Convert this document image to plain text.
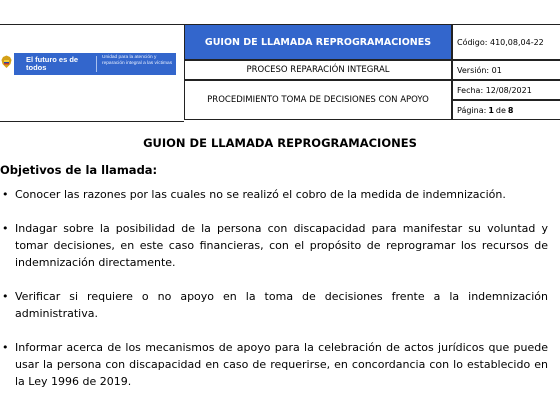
El futuro es de todos
Unidad para la atención y reparación integral a las víctimas
GUION DE LLAMADA REPROGRAMACIONES
PROCESO REPARACIÓN INTEGRAL
PROCEDIMIENTO TOMA DE DECISIONES CON APOYO
Código: 410,08,04-22
Versión: 01
Fecha: 12/08/2021
Página: 1 de 8
GUION DE LLAMADA REPROGRAMACIONES
Objetivos de la llamada:
• Conocer las razones por las cuales no se realizó el cobro de la medida de indemnización.
• Indagar sobre la posibilidad de la persona con discapacidad para manifestar su voluntad y tomar decisiones, en este caso financieras, con el propósito de reprogramar los recursos de indemnización directamente.
• Verificar si requiere o no apoyo en la toma de decisiones frente a la indemnización administrativa.
• Informar acerca de los mecanismos de apoyo para la celebración de actos jurídicos que puede usar la persona con discapacidad en caso de requerirse, en concordancia con lo establecido en la Ley 1996 de 2019.
